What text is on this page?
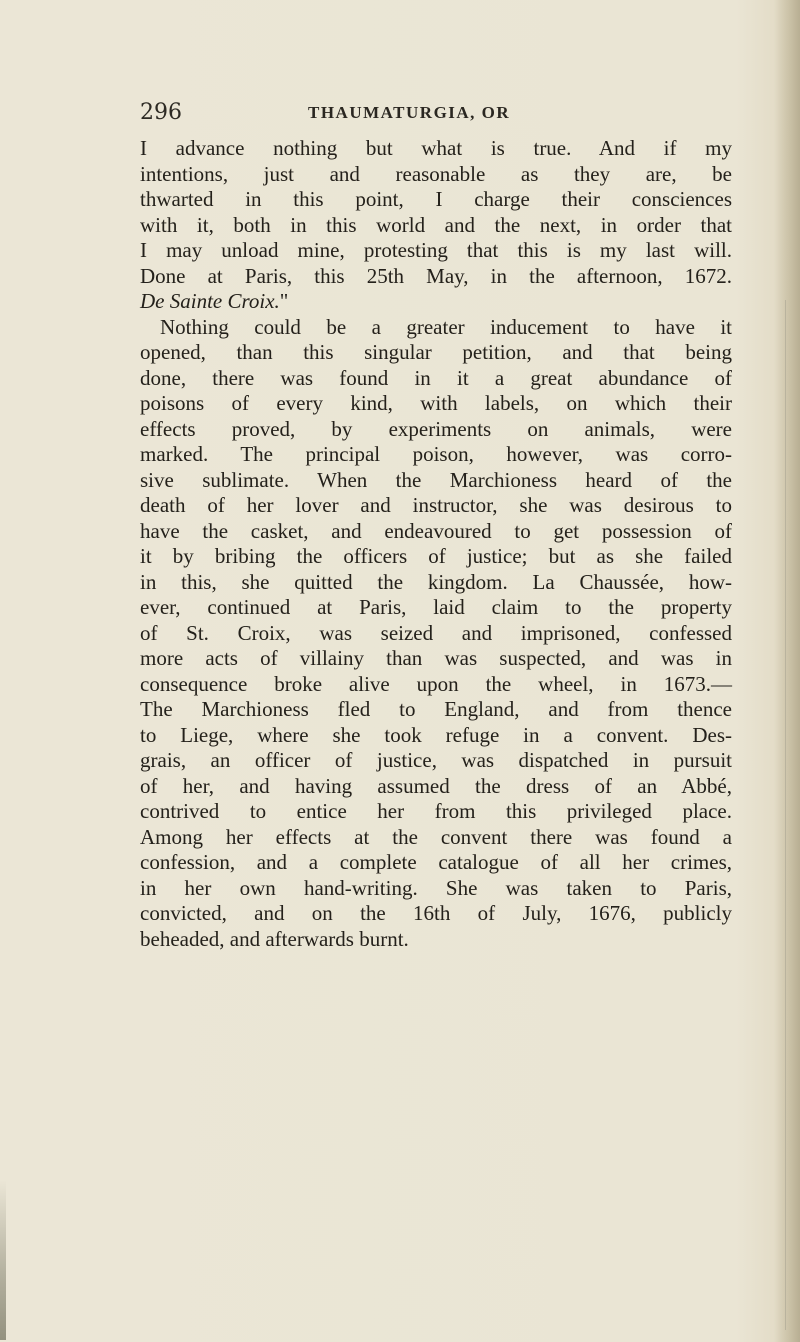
296	THAUMATURGIA, OR

I advance nothing but what is true. And if my
intentions, just and reasonable as they are, be
thwarted in this point, I charge their consciences
with it, both in this world and the next, in order that
I may unload mine, protesting that this is my last will.
Done at Paris, this 25th May, in the afternoon, 1672.
De Sainte Croix."

Nothing could be a greater inducement to have it
opened, than this singular petition, and that being
done, there was found in it a great abundance of
poisons of every kind, with labels, on which their
effects proved, by experiments on animals, were
marked. The principal poison, however, was corro-
sive sublimate. When the Marchioness heard of the
death of her lover and instructor, she was desirous to
have the casket, and endeavoured to get possession of
it by bribing the officers of justice; but as she failed
in this, she quitted the kingdom. La Chaussée, how-
ever, continued at Paris, laid claim to the property
of St. Croix, was seized and imprisoned, confessed
more acts of villainy than was suspected, and was in
consequence broke alive upon the wheel, in 1673.—
The Marchioness fled to England, and from thence
to Liege, where she took refuge in a convent. Des-
grais, an officer of justice, was dispatched in pursuit
of her, and having assumed the dress of an Abbé,
contrived to entice her from this privileged place.
Among her effects at the convent there was found a
confession, and a complete catalogue of all her crimes,
in her own hand-writing. She was taken to Paris,
convicted, and on the 16th of July, 1676, publicly
beheaded, and afterwards burnt.
